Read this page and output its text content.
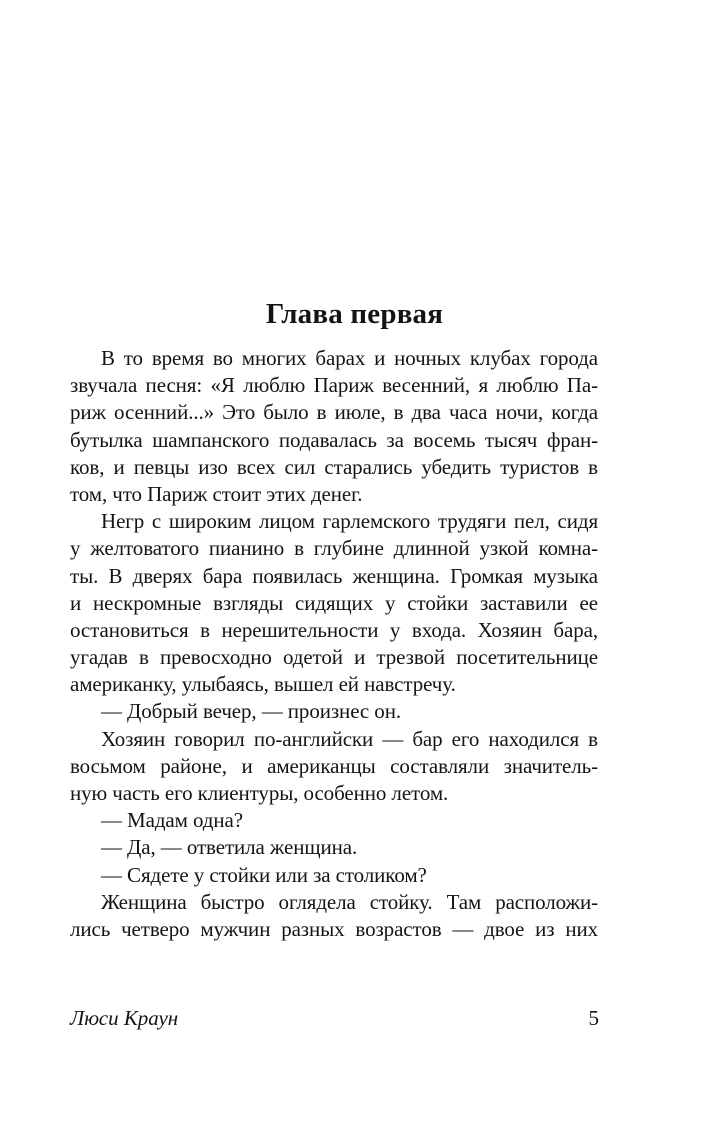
Глава первая
В то время во многих барах и ночных клубах города
звучала песня: «Я люблю Париж весенний, я люблю Па-
риж осенний...» Это было в июле, в два часа ночи, когда
бутылка шампанского подавалась за восемь тысяч фран-
ков, и певцы изо всех сил старались убедить туристов в
том, что Париж стоит этих денег.
Негр с широким лицом гарлемского трудяги пел, сидя
у желтоватого пианино в глубине длинной узкой комна-
ты. В дверях бара появилась женщина. Громкая музыка
и нескромные взгляды сидящих у стойки заставили ее
остановиться в нерешительности у входа. Хозяин бара,
угадав в превосходно одетой и трезвой посетительнице
американку, улыбаясь, вышел ей навстречу.
— Добрый вечер, — произнес он.
Хозяин говорил по-английски — бар его находился в
восьмом районе, и американцы составляли значитель-
ную часть его клиентуры, особенно летом.
— Мадам одна?
— Да, — ответила женщина.
— Сядете у стойки или за столиком?
Женщина быстро оглядела стойку. Там расположи-
лись четверо мужчин разных возрастов — двое из них
Люси Краун	5
